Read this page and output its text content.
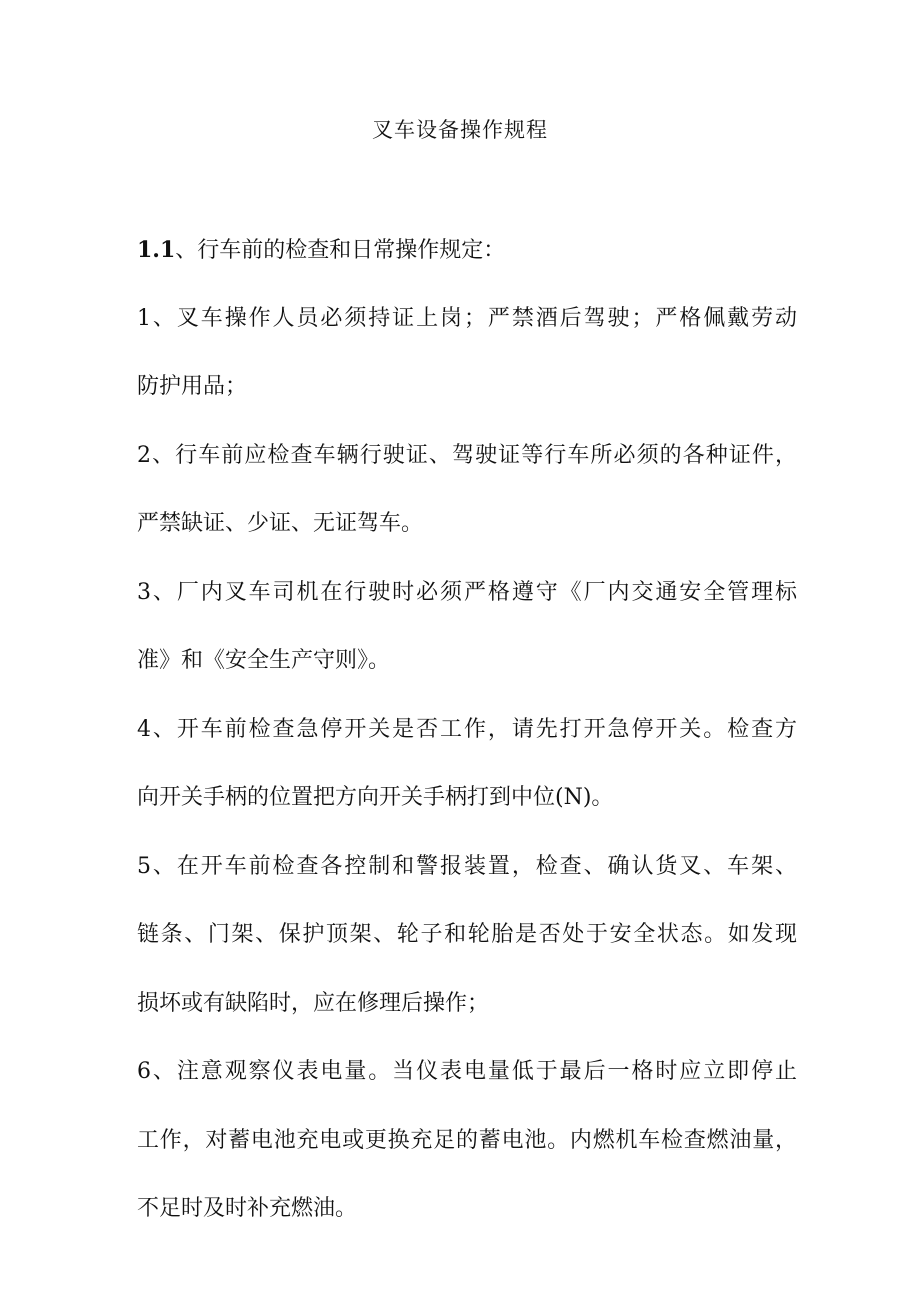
叉车设备操作规程
1.1、行车前的检查和日常操作规定：
1、叉车操作人员必须持证上岗；严禁酒后驾驶；严格佩戴劳动
防护用品；
2、行车前应检查车辆行驶证、驾驶证等行车所必须的各种证件，
严禁缺证、少证、无证驾车。
3、厂内叉车司机在行驶时必须严格遵守《厂内交通安全管理标
准》和《安全生产守则》。
4、开车前检查急停开关是否工作，请先打开急停开关。检查方
向开关手柄的位置把方向开关手柄打到中位(N)。
5、在开车前检查各控制和警报装置，检查、确认货叉、车架、
链条、门架、保护顶架、轮子和轮胎是否处于安全状态。如发现
损坏或有缺陷时，应在修理后操作；
6、注意观察仪表电量。当仪表电量低于最后一格时应立即停止
工作，对蓄电池充电或更换充足的蓄电池。内燃机车检查燃油量，
不足时及时补充燃油。
